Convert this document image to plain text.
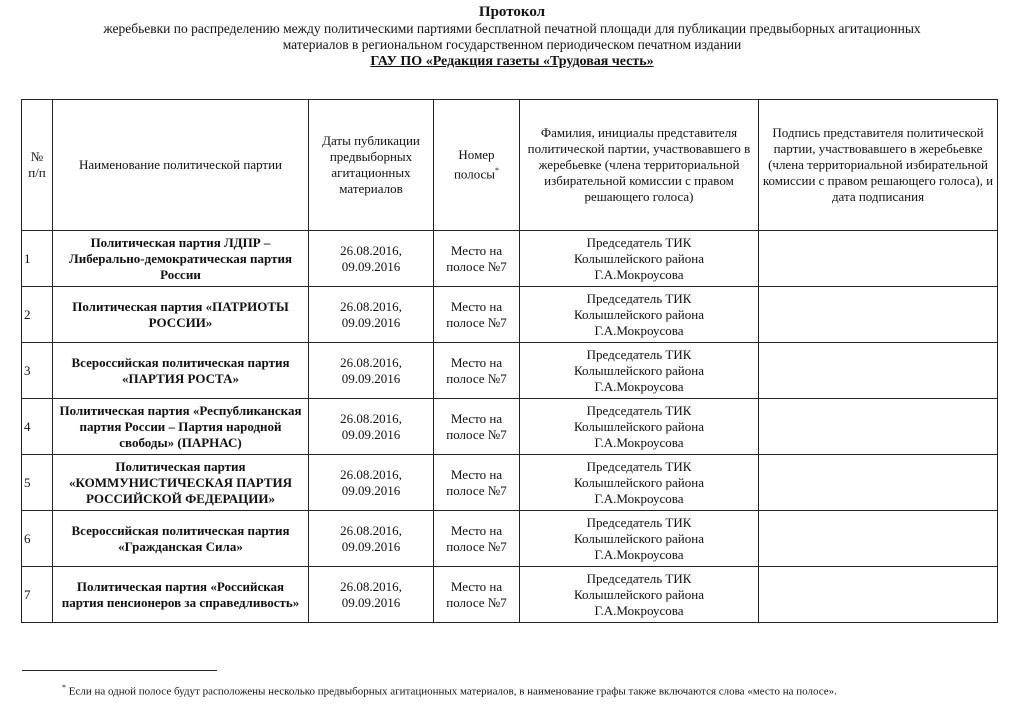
Протокол
жеребьевки по распределению между политическими партиями бесплатной печатной площади для публикации предвыборных агитационных
материалов в региональном государственном периодическом печатном издании
ГАУ ПО «Редакция газеты «Трудовая честь»
№ п/п	Наименование политической партии	Даты публикации предвыборных агитационных материалов	Номер полосы*	Фамилия, инициалы представителя политической партии, участвовавшего в жеребьевке (члена территориальной избирательной комиссии с правом решающего голоса)	Подпись представителя политической партии, участвовавшего в жеребьевке (члена территориальной избирательной комиссии с правом решающего голоса), и дата подписания
1	Политическая партия ЛДПР – Либерально-демократическая партия России	26.08.2016, 09.09.2016	Место на полосе №7	Председатель ТИК
Колышлейского района
Г.А.Мокроусова	

2	Политическая партия «ПАТРИОТЫ РОССИИ»	26.08.2016, 09.09.2016	Место на полосе №7	Председатель ТИК
Колышлейского района
Г.А.Мокроусова	

3	Всероссийская политическая партия «ПАРТИЯ РОСТА»	26.08.2016, 09.09.2016	Место на полосе №7	Председатель ТИК
Колышлейского района
Г.А.Мокроусова	

4	Политическая партия «Республиканская партия России – Партия народной свободы» (ПАРНАС)	26.08.2016, 09.09.2016	Место на полосе №7	Председатель ТИК
Колышлейского района
Г.А.Мокроусова	

5	Политическая партия «КОММУНИСТИЧЕСКАЯ ПАРТИЯ РОССИЙСКОЙ ФЕДЕРАЦИИ»	26.08.2016, 09.09.2016	Место на полосе №7	Председатель ТИК
Колышлейского района
Г.А.Мокроусова	

6	Всероссийская политическая партия «Гражданская Сила»	26.08.2016, 09.09.2016	Место на полосе №7	Председатель ТИК
Колышлейского района
Г.А.Мокроусова	

7	Политическая партия «Российская партия пенсионеров за справедливость»	26.08.2016, 09.09.2016	Место на полосе №7	Председатель ТИК
Колышлейского района
Г.А.Мокроусова	

* Если на одной полосе будут расположены несколько предвыборных агитационных материалов, в наименование графы также включаются слова «место на полосе».
